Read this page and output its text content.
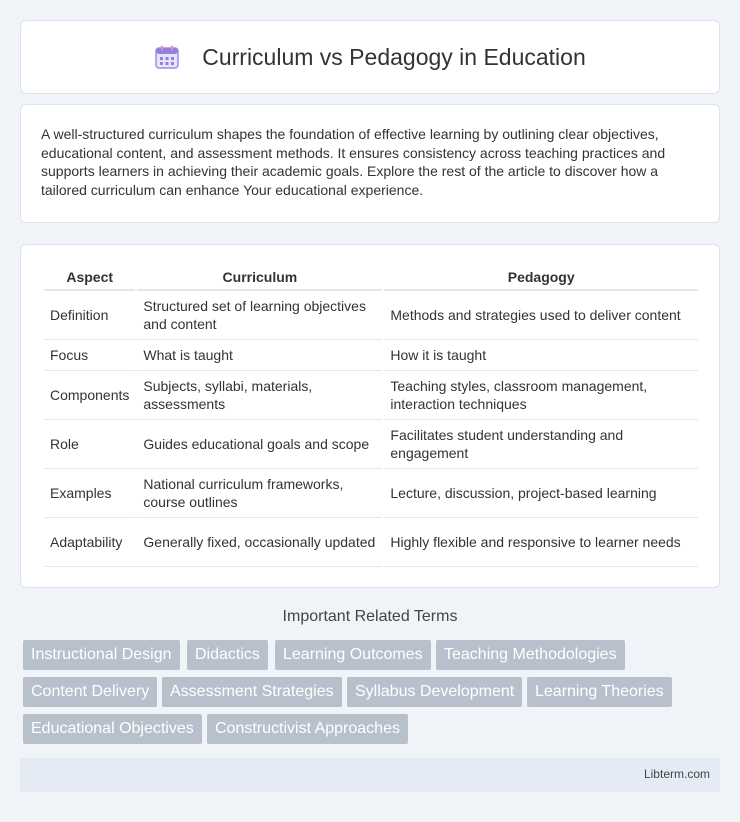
Curriculum vs Pedagogy in Education

A well-structured curriculum shapes the foundation of effective learning by outlining clear objectives, educational content, and assessment methods. It ensures consistency across teaching practices and supports learners in achieving their academic goals. Explore the rest of the article to discover how a tailored curriculum can enhance Your educational experience.

Aspect	Curriculum	Pedagogy
Definition	Structured set of learning objectives and content	Methods and strategies used to deliver content
Focus	What is taught	How it is taught
Components	Subjects, syllabi, materials, assessments	Teaching styles, classroom management, interaction techniques
Role	Guides educational goals and scope	Facilitates student understanding and engagement
Examples	National curriculum frameworks, course outlines	Lecture, discussion, project-based learning
Adaptability	Generally fixed, occasionally updated	Highly flexible and responsive to learner needs
Important Related Terms
Instructional Design	Didactics	Learning Outcomes	Teaching Methodologies
Content Delivery	Assessment Strategies	Syllabus Development	Learning Theories
Educational Objectives	Constructivist Approaches
Libterm.com
